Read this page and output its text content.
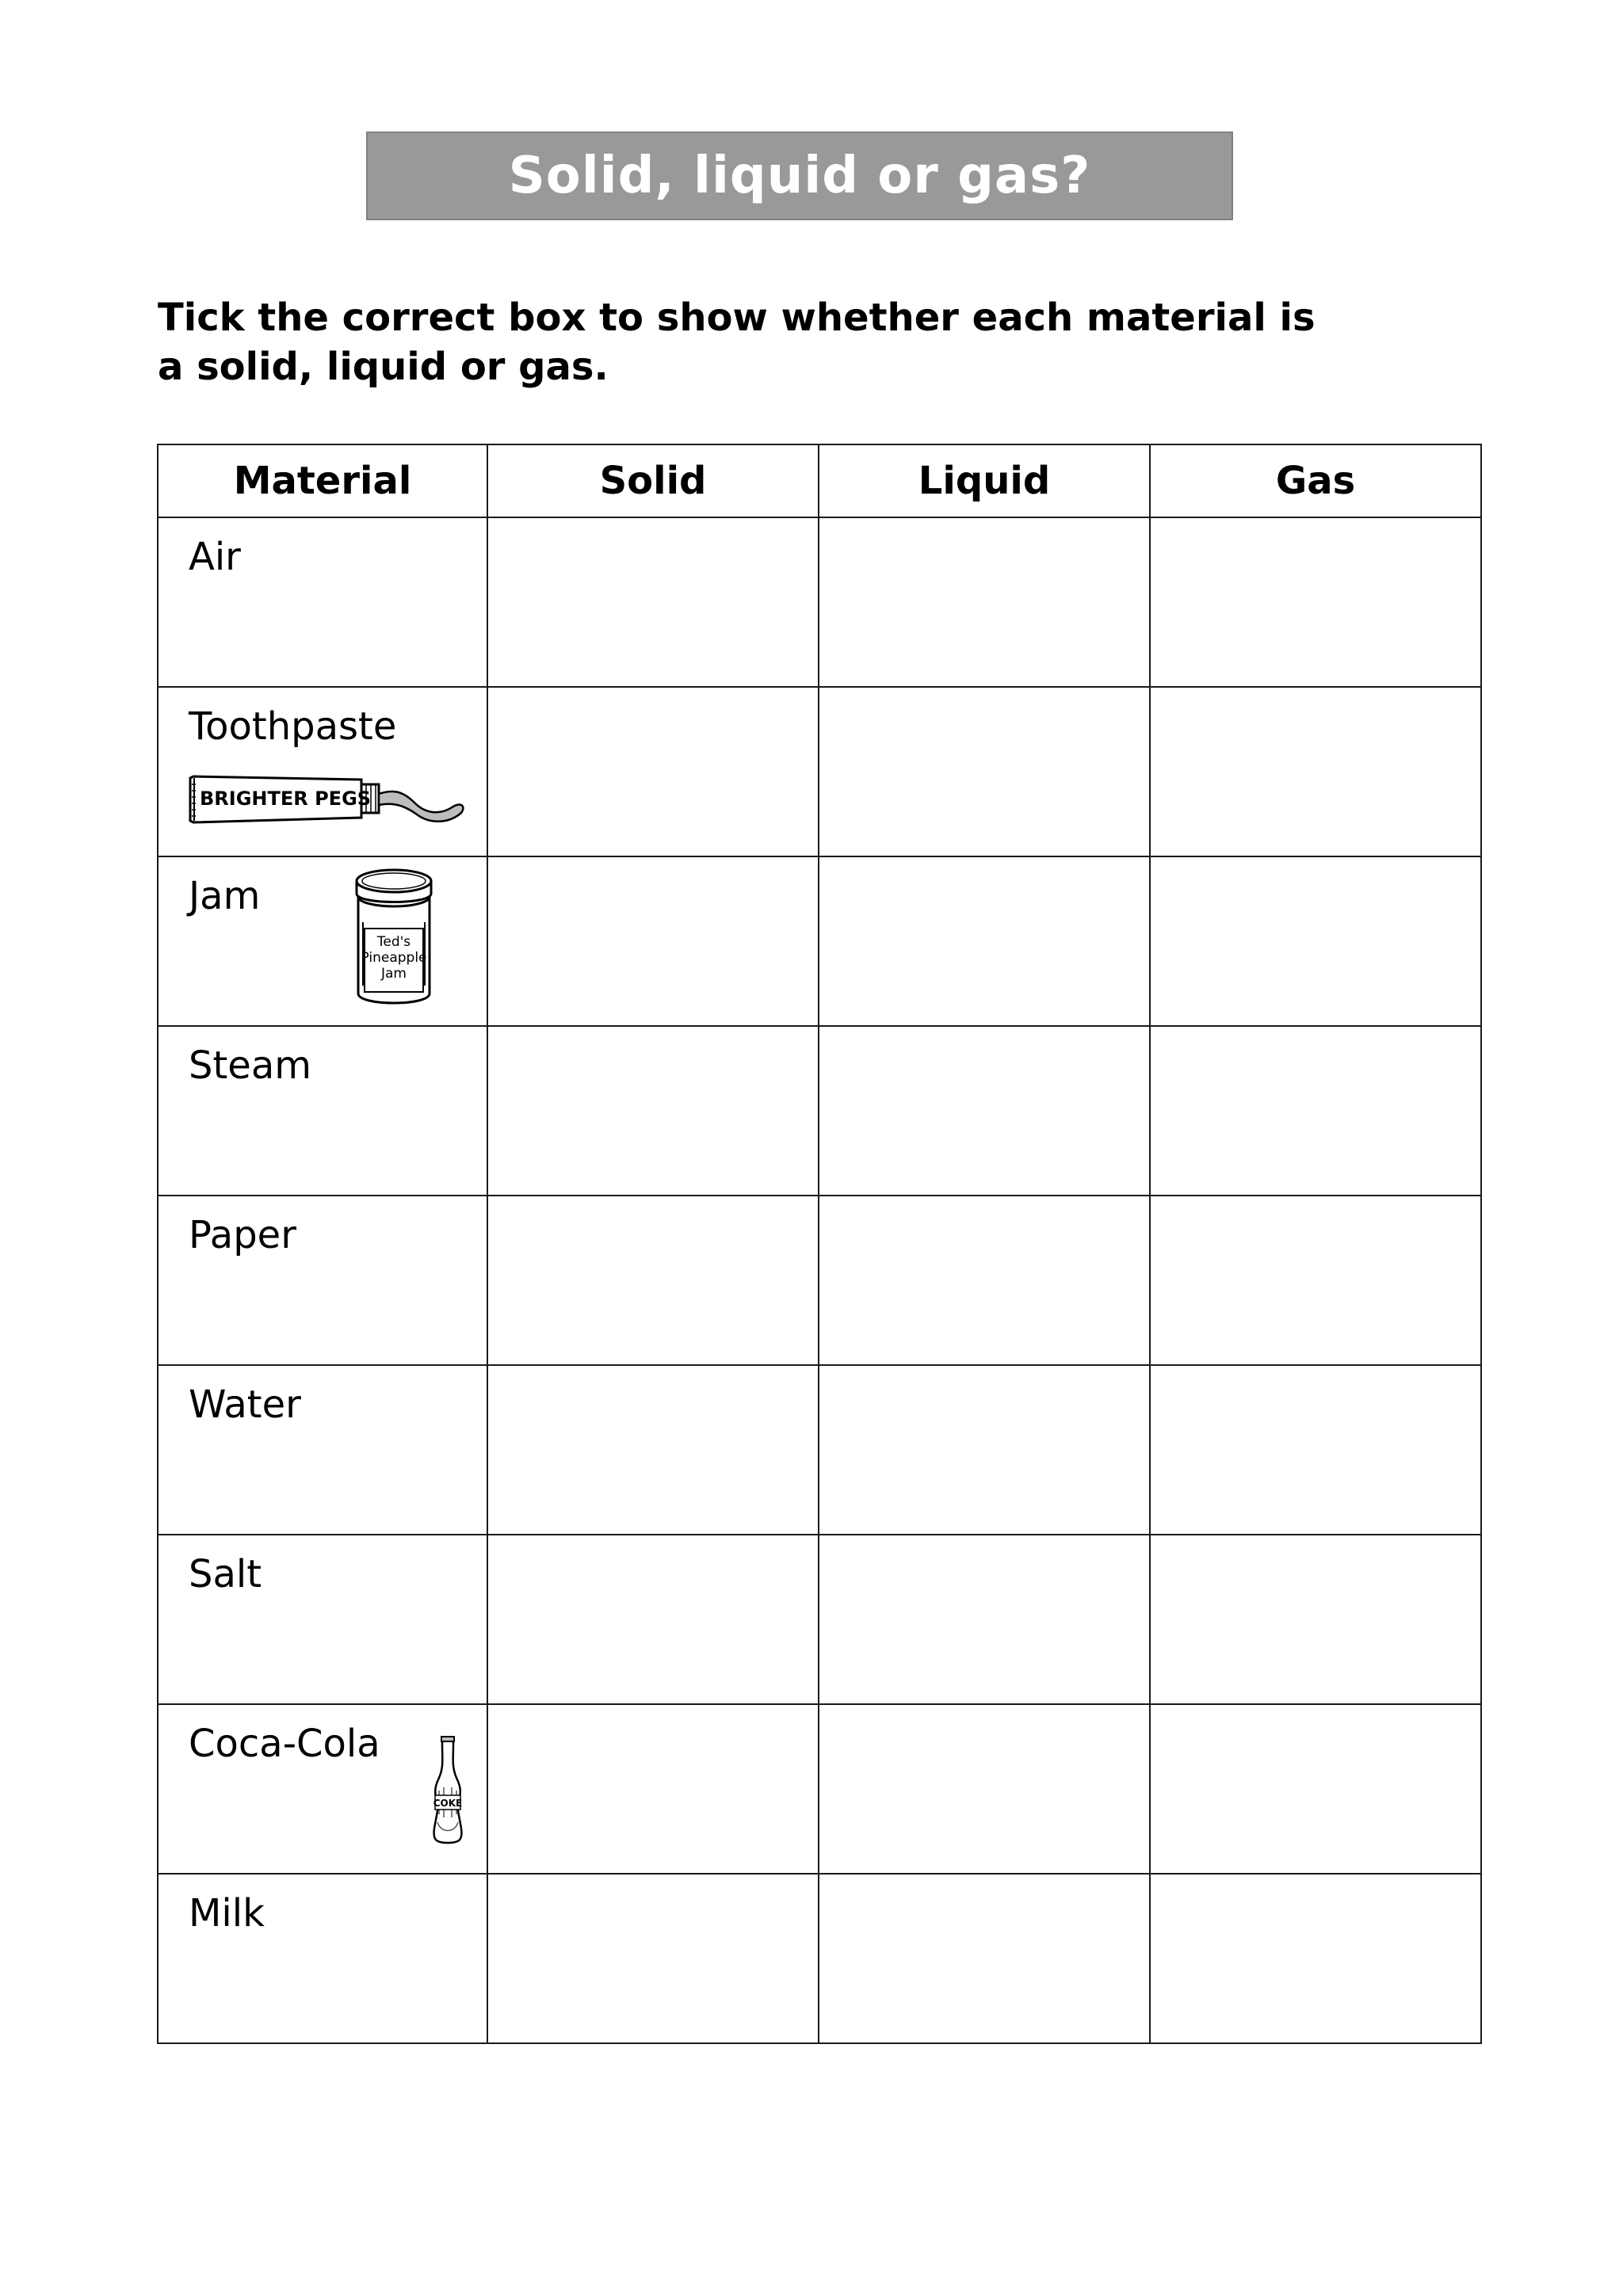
Solid, liquid or gas?

Tick the correct box to show whether each material is
a solid, liquid or gas.

Material	Solid	Liquid	Gas

Air			

Toothpaste
BRIGHTER PEGS			

Jam
Ted's
Pineapple
Jam			

Steam			

Paper			

Water			

Salt			

Coca-Cola
COKE			

Milk			
